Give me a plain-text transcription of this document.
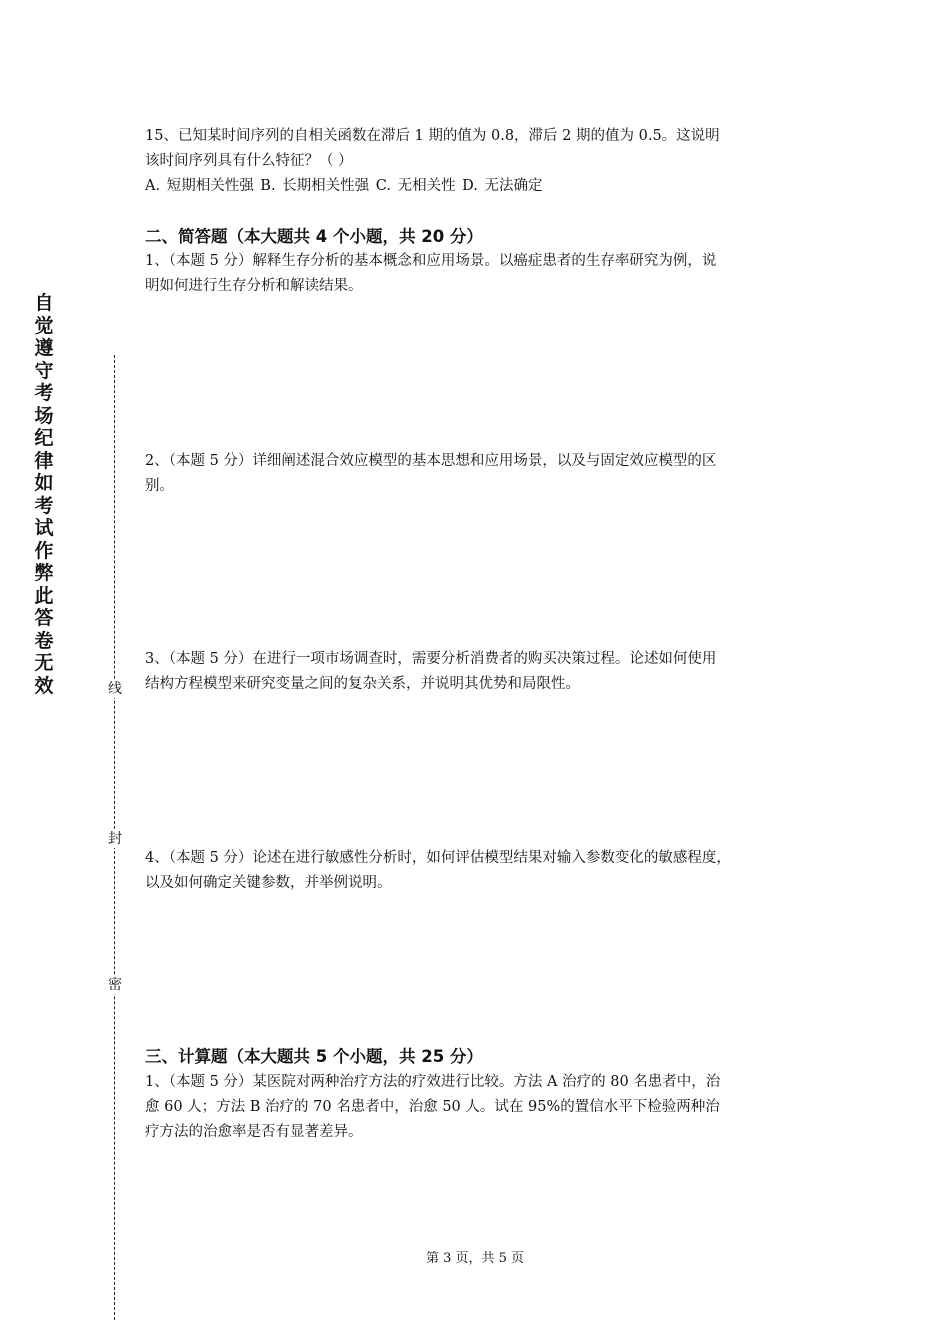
自
觉
遵
守
考
场
纪
律
如
考
试
作
弊
此
答
卷
无
效	线
封
密

15、已知某时间序列的自相关函数在滞后 1 期的值为 0.8，滞后 2 期的值为 0.5。这说明

该时间序列具有什么特征？（ ）

A. 短期相关性强 B. 长期相关性强 C. 无相关性 D. 无法确定

二、简答题（本大题共 4 个小题，共 20 分）

1、（本题 5 分）解释生存分析的基本概念和应用场景。以癌症患者的生存率研究为例，说

明如何进行生存分析和解读结果。

2、（本题 5 分）详细阐述混合效应模型的基本思想和应用场景，以及与固定效应模型的区

别。

3、（本题 5 分）在进行一项市场调查时，需要分析消费者的购买决策过程。论述如何使用

结构方程模型来研究变量之间的复杂关系，并说明其优势和局限性。

4、（本题 5 分）论述在进行敏感性分析时，如何评估模型结果对输入参数变化的敏感程度，

以及如何确定关键参数，并举例说明。

三、计算题（本大题共 5 个小题，共 25 分）

1、（本题 5 分）某医院对两种治疗方法的疗效进行比较。方法 A 治疗的 80 名患者中，治

愈 60 人；方法 B 治疗的 70 名患者中，治愈 50 人。试在 95%的置信水平下检验两种治

疗方法的治愈率是否有显著差异。

第 3 页，共 5 页
